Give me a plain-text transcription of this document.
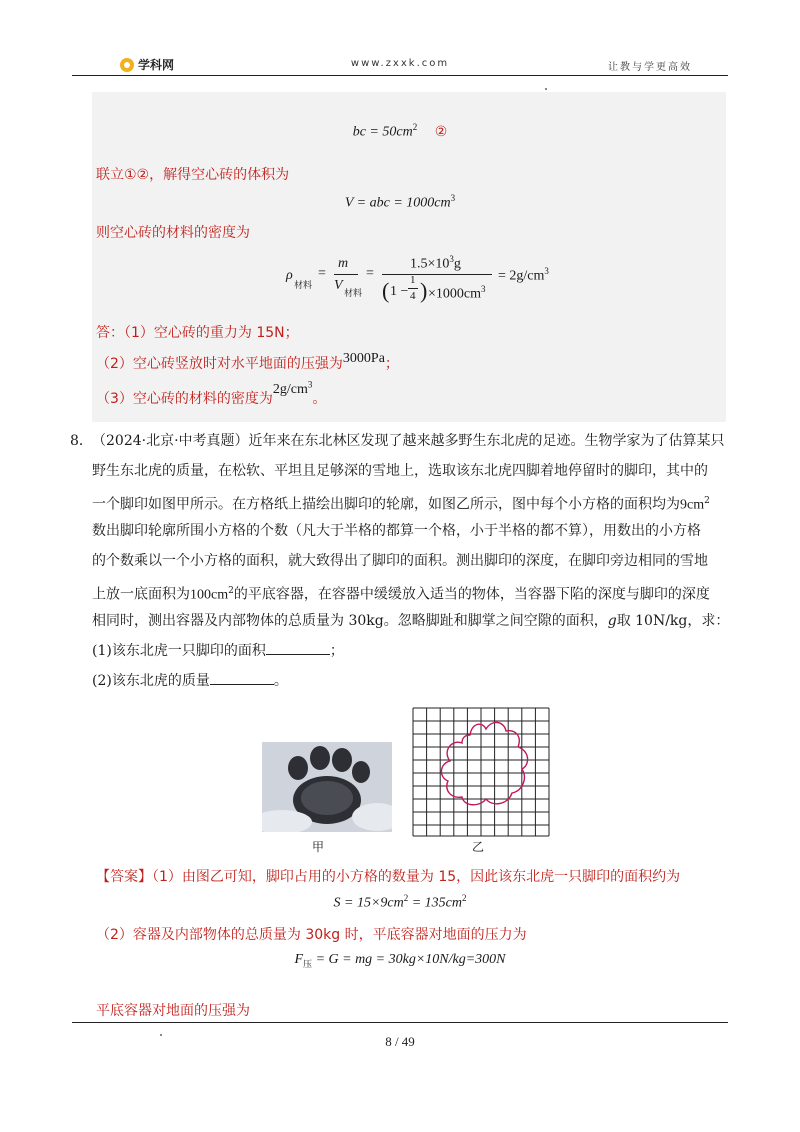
学科网	www.zxxk.com	让教与学更高效
bc = $50cm^2$ ②
联立①②，解得空心砖的体积为
V = abc = $1000cm^3$
则空心砖的材料的密度为
ρ
材料
=
m
V 材料
=
$1.5\times 10^3g$
( 1 −
1
4 ) $\times 1000cm^3$
= $2g/cm^3$
答：（1）空心砖的重力为 15N；
（2）空心砖竖放时对水平地面的压强为3000Pa；
（3）空心砖的材料的密度为$2g/cm^3$。
8． （2024·北京·中考真题）近年来在东北林区发现了越来越多野生东北虎的足迹。生物学家为了估算某只
野生东北虎的质量，在松软、平坦且足够深的雪地上，选取该东北虎四脚着地停留时的脚印，其中的
一个脚印如图甲所示。在方格纸上描绘出脚印的轮廓，如图乙所示，图中每个小方格的面积均为$9cm^2$
数出脚印轮廓所围小方格的个数（凡大于半格的都算一个格，小于半格的都不算），用数出的小方格
的个数乘以一个小方格的面积，就大致得出了脚印的面积。测出脚印的深度，在脚印旁边相同的雪地
上放一底面积为$100cm^2$的平底容器，在容器中缓缓放入适当的物体，当容器下陷的深度与脚印的深度
相同时，测出容器及内部物体的总质量为 30kg。忽略脚趾和脚掌之间空隙的面积，g取 10N/kg，求：
(1)该东北虎一只脚印的面积	；
(2)该东北虎的质量	。
甲	乙
【答案】（1）由图乙可知，脚印占用的小方格的数量为 15，因此该东北虎一只脚印的面积约为
$S = 15\times 9cm^2 = 135cm^2$
（2）容器及内部物体的总质量为 30kg 时，平底容器对地面的压力为
$F_压 = G$ = mg = 30kg×10N/kg=300N
平底容器对地面的压强为
8 / 49
